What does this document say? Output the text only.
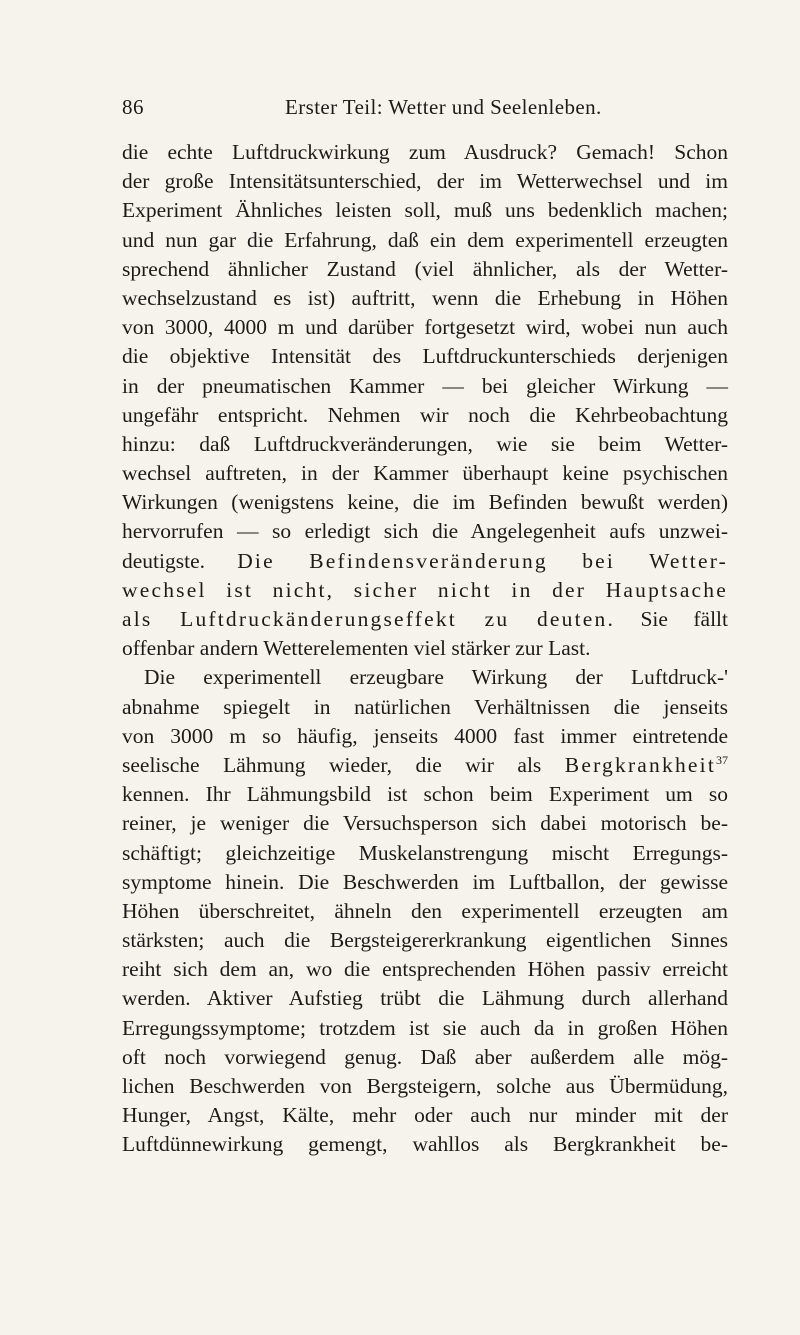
86	Erster Teil: Wetter und Seelenleben.
die echte Luftdruckwirkung zum Ausdruck? Gemach! Schon
der große Intensitätsunterschied, der im Wetterwechsel und im
Experiment Ähnliches leisten soll, muß uns bedenklich machen;
und nun gar die Erfahrung, daß ein dem experimentell erzeugten
sprechend ähnlicher Zustand (viel ähnlicher, als der Wetter-
wechselzustand es ist) auftritt, wenn die Erhebung in Höhen
von 3000, 4000 m und darüber fortgesetzt wird, wobei nun auch
die objektive Intensität des Luftdruckunterschieds derjenigen
in der pneumatischen Kammer — bei gleicher Wirkung —
ungefähr entspricht. Nehmen wir noch die Kehrbeobachtung
hinzu: daß Luftdruckveränderungen, wie sie beim Wetter-
wechsel auftreten, in der Kammer überhaupt keine psychischen
Wirkungen (wenigstens keine, die im Befinden bewußt werden)
hervorrufen — so erledigt sich die Angelegenheit aufs unzwei-
deutigste. Die Befindensveränderung bei Wetter-
wechsel ist nicht, sicher nicht in der Hauptsache
als Luftdruckänderungseffekt zu deuten. Sie fällt
offenbar andern Wetterelementen viel stärker zur Last.
Die experimentell erzeugbare Wirkung der Luftdruck-'
abnahme spiegelt in natürlichen Verhältnissen die jenseits
von 3000 m so häufig, jenseits 4000 fast immer eintretende
seelische Lähmung wieder, die wir als Bergkrankheit$^{37}$
kennen. Ihr Lähmungsbild ist schon beim Experiment um so
reiner, je weniger die Versuchsperson sich dabei motorisch be-
schäftigt; gleichzeitige Muskelanstrengung mischt Erregungs-
symptome hinein. Die Beschwerden im Luftballon, der gewisse
Höhen überschreitet, ähneln den experimentell erzeugten am
stärksten; auch die Bergsteigererkrankung eigentlichen Sinnes
reiht sich dem an, wo die entsprechenden Höhen passiv erreicht
werden. Aktiver Aufstieg trübt die Lähmung durch allerhand
Erregungssymptome; trotzdem ist sie auch da in großen Höhen
oft noch vorwiegend genug. Daß aber außerdem alle mög-
lichen Beschwerden von Bergsteigern, solche aus Übermüdung,
Hunger, Angst, Kälte, mehr oder auch nur minder mit der
Luftdünnewirkung gemengt, wahllos als Bergkrankheit be-
